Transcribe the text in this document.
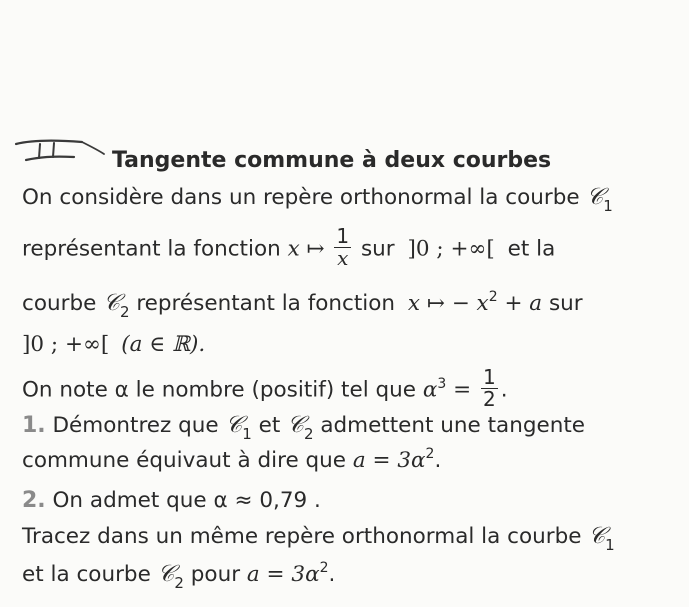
Tangente commune à deux courbes
On considère dans un repère orthonormal la courbe 𝒞$_1$
représentant la fonction x ↦ $\frac{1}{x}$ sur ]0 ; +∞[ et la
courbe 𝒞$_2$ représentant la fonction x ↦ − $x^2 + a$ sur
]0 ; +∞[ (a ∈ ℝ).
On note α le nombre (positif) tel que $\alpha^3 = \frac{1}{2}$ .
1. Démontrez que 𝒞$_1$ et 𝒞$_2$ admettent une tangente
commune équivaut à dire que $a = 3\alpha^2$.
2. On admet que α ≈ 0,79 .
Tracez dans un même repère orthonormal la courbe 𝒞$_1$
et la courbe 𝒞$_2$ pour $a = 3\alpha^2$.
